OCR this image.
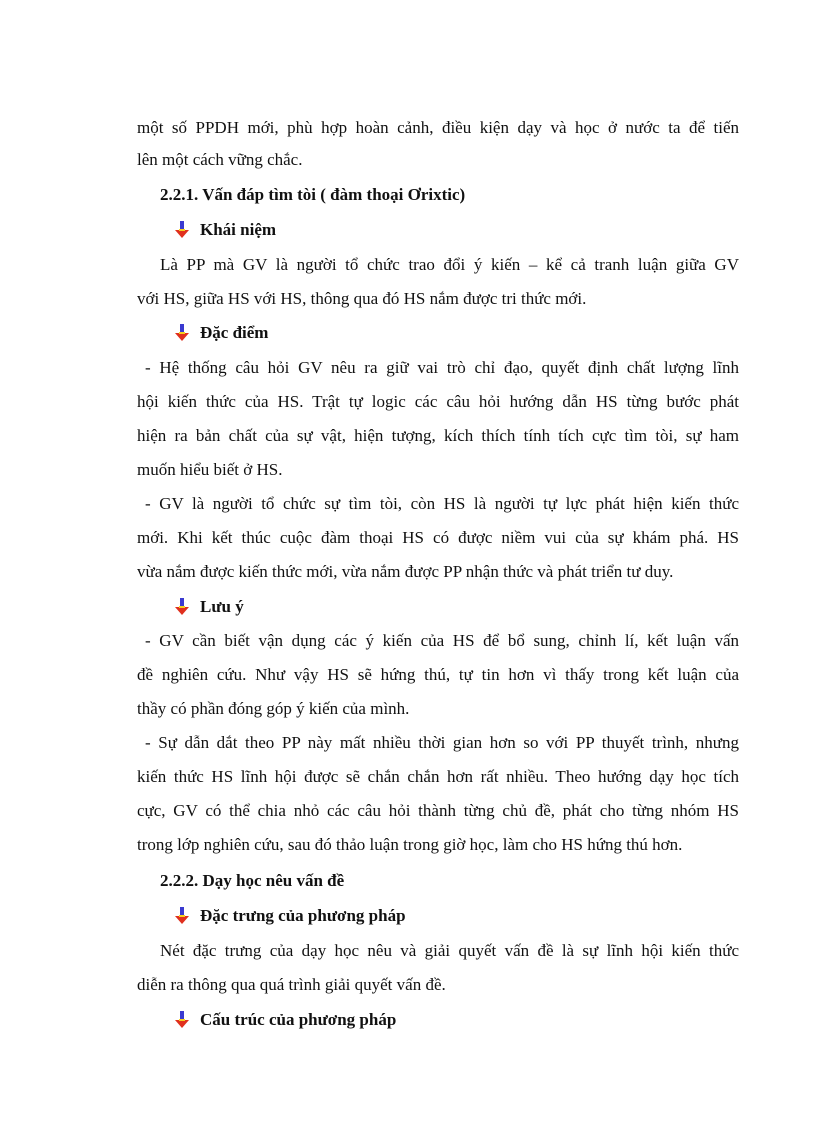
một số PPDH mới, phù hợp hoàn cảnh, điều kiện dạy và học ở nước ta để tiến
lên một cách vững chắc.
2.2.1. Vấn đáp tìm tòi ( đàm thoại Ơrixtic)
Khái niệm
Là PP mà GV là người tổ chức trao đổi ý kiến – kể cả tranh luận giữa GV
với HS, giữa HS với HS, thông qua đó HS nắm được tri thức mới.
Đặc điểm
- Hệ thống câu hỏi GV nêu ra giữ vai trò chỉ đạo, quyết định chất lượng lĩnh
hội kiến thức của HS. Trật tự logic các câu hỏi hướng dẫn HS từng bước phát
hiện ra bản chất của sự vật, hiện tượng, kích thích tính tích cực tìm tòi, sự ham
muốn hiểu biết ở HS.
- GV là người tổ chức sự tìm tòi, còn HS là người tự lực phát hiện kiến thức
mới. Khi kết thúc cuộc đàm thoại HS có được niềm vui của sự khám phá. HS
vừa nắm được kiến thức mới, vừa nắm được PP nhận thức và phát triển tư duy.
Lưu ý
- GV cần biết vận dụng các ý kiến của HS để bổ sung, chỉnh lí, kết luận vấn
đề nghiên cứu. Như vậy HS sẽ hứng thú, tự tin hơn vì thấy trong kết luận của
thầy có phần đóng góp ý kiến của mình.
- Sự dẫn dắt theo PP này mất nhiều thời gian hơn so với PP thuyết trình, nhưng
kiến thức HS lĩnh hội được sẽ chắn chắn hơn rất nhiều. Theo hướng dạy học tích
cực, GV có thể chia nhỏ các câu hỏi thành từng chủ đề, phát cho từng nhóm HS
trong lớp nghiên cứu, sau đó thảo luận trong giờ học, làm cho HS hứng thú hơn.
2.2.2. Dạy học nêu vấn đề
Đặc trưng của phương pháp
Nét đặc trưng của dạy học nêu và giải quyết vấn đề là sự lĩnh hội kiến thức
diễn ra thông qua quá trình giải quyết vấn đề.
Cấu trúc của phương pháp
